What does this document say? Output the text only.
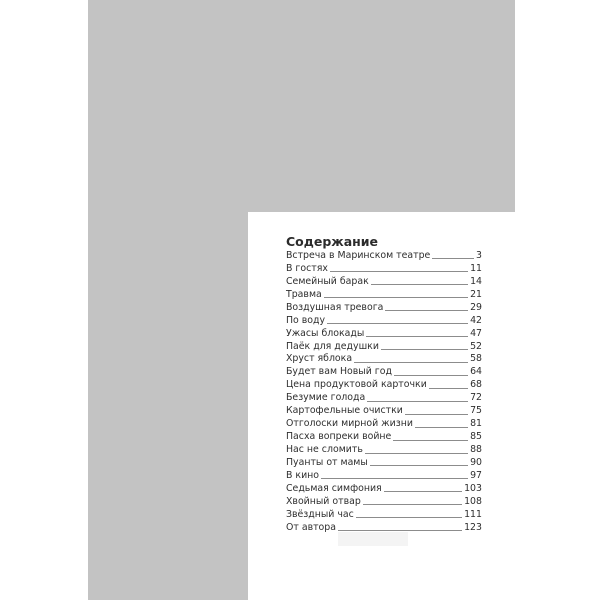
Содержание
Встреча в Маринском театре	3
В гостях	11
Семейный барак	14
Травма	21
Воздушная тревога	29
По воду	42
Ужасы блокады	47
Паёк для дедушки	52
Хруст яблока	58
Будет вам Новый год	64
Цена продуктовой карточки	68
Безумие голода	72
Картофельные очистки	75
Отголоски мирной жизни	81
Пасха вопреки войне	85
Нас не сломить	88
Пуанты от мамы	90
В кино	97
Седьмая симфония	103
Хвойный отвар	108
Звёздный час	111
От автора	123
